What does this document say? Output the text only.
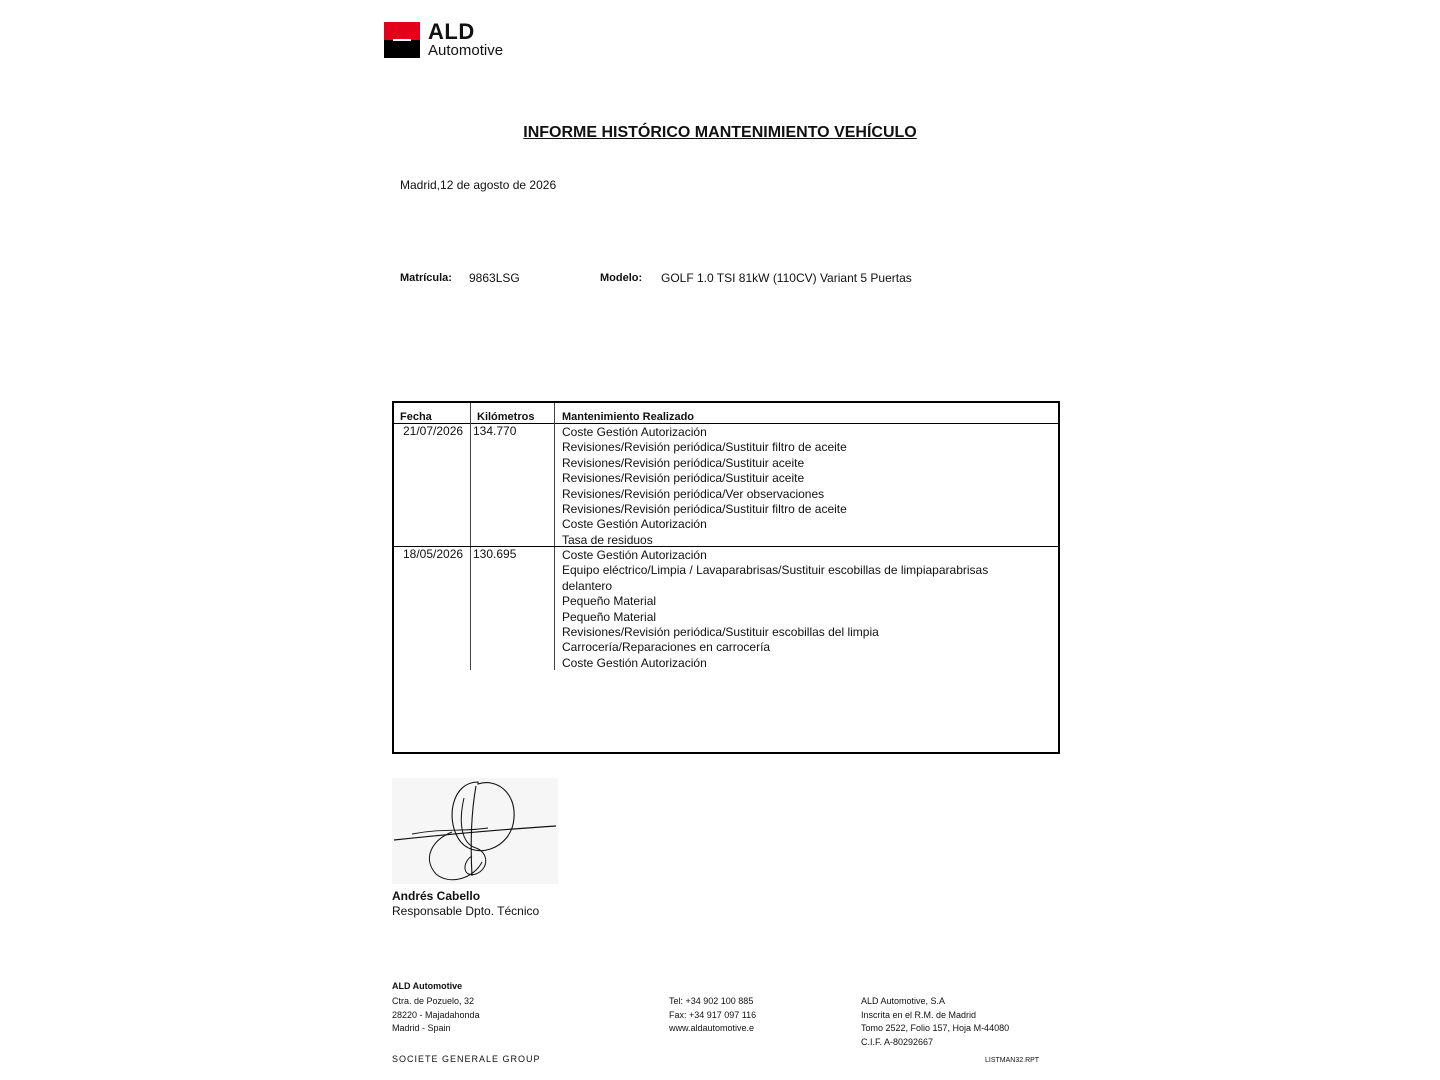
ALD
Automotive
INFORME HISTÓRICO MANTENIMIENTO VEHÍCULO
Madrid,12 de agosto de 2026
Matrícula: 9863LSG	Modelo: GOLF 1.0 TSI 81kW (110CV) Variant 5 Puertas
Fecha	Kilómetros	Mantenimiento Realizado
21/07/2026 134.770	Coste Gestión Autorización
Revisiones/Revisión periódica/Sustituir filtro de aceite
Revisiones/Revisión periódica/Sustituir aceite
Revisiones/Revisión periódica/Sustituir aceite
Revisiones/Revisión periódica/Ver observaciones
Revisiones/Revisión periódica/Sustituir filtro de aceite
Coste Gestión Autorización
Tasa de residuos
18/05/2026 130.695	Coste Gestión Autorización
Equipo eléctrico/Limpia / Lavaparabrisas/Sustituir escobillas de limpiaparabrisas
delantero
Pequeño Material
Pequeño Material
Revisiones/Revisión periódica/Sustituir escobillas del limpia
Carrocería/Reparaciones en carrocería
Coste Gestión Autorización
Andrés Cabello
Responsable Dpto. Técnico
ALD Automotive
Ctra. de Pozuelo, 32
28220 - Majadahonda
Madrid - Spain
Tel: +34 902 100 885
Fax: +34 917 097 116
www.aldautomotive.e
ALD Automotive, S.A
Inscrita en el R.M. de Madrid
Tomo 2522, Folio 157, Hoja M-44080
C.I.F. A-80292667
SOCIETE GENERALE GROUP	LISTMAN32.RPT
